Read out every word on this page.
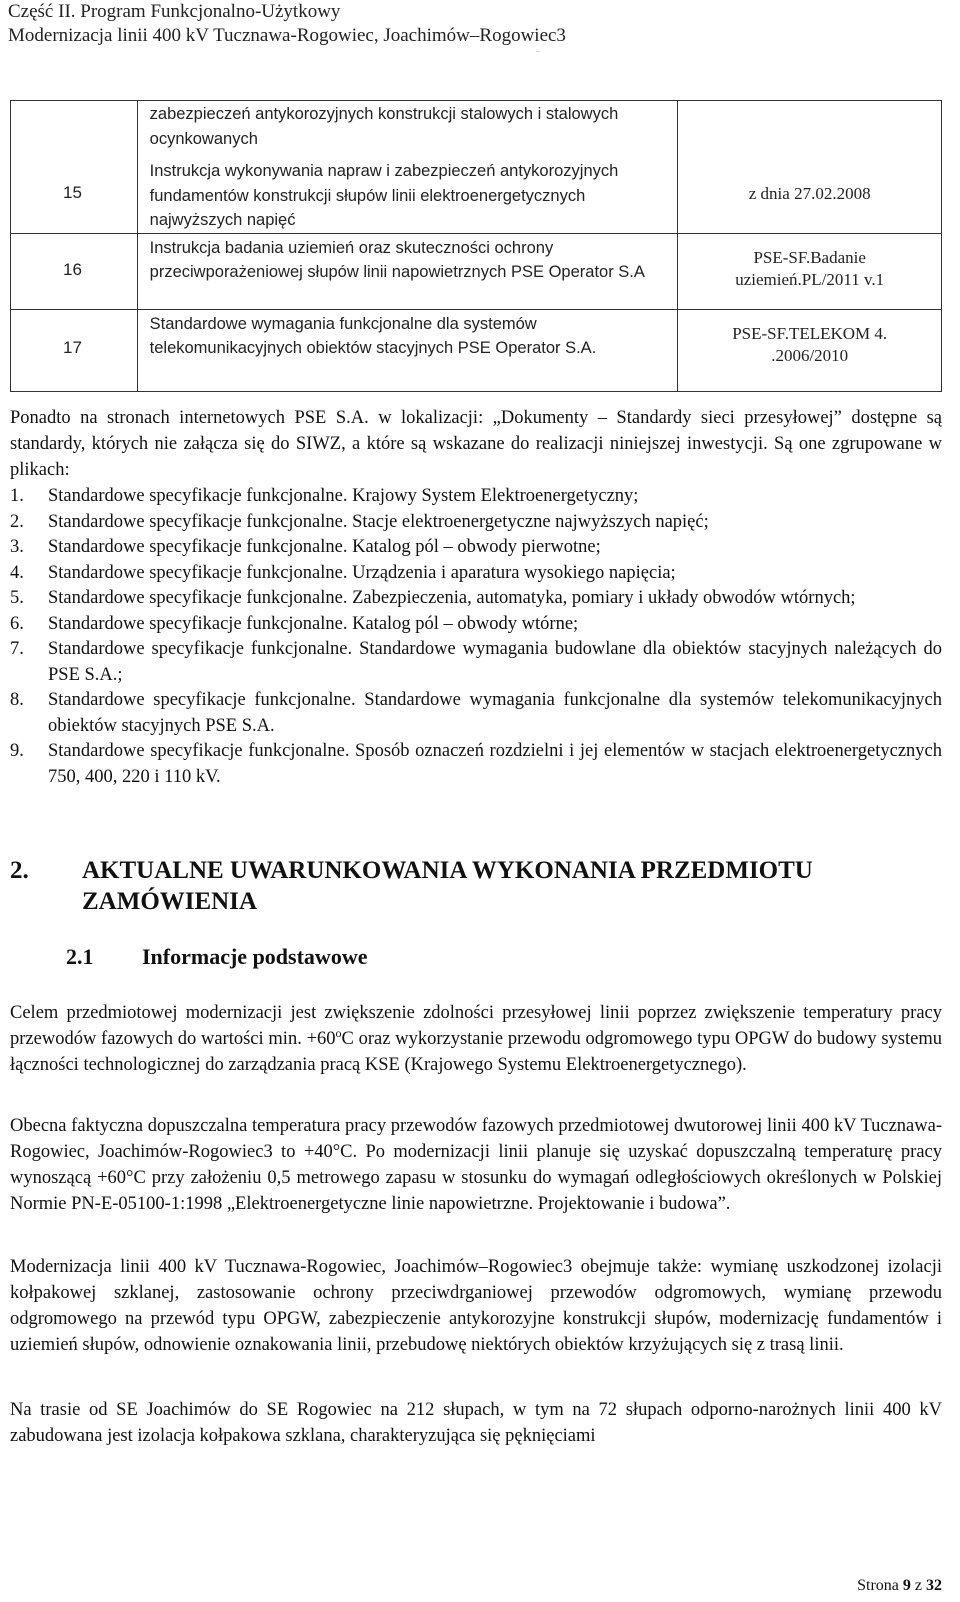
Część II. Program Funkcjonalno-Użytkowy
Modernizacja linii 400 kV Tucznawa-Rogowiec, Joachimów–Rogowiec3
_
15	zabezpieczeń antykorozyjnych konstrukcji stalowych i stalowych ocynkowanych
Instrukcja wykonywania napraw i zabezpieczeń antykorozyjnych fundamentów konstrukcji słupów linii elektroenergetycznych najwyższych napięć	z dnia 27.02.2008

16	Instrukcja badania uziemień oraz skuteczności ochrony przeciwporażeniowej słupów linii napowietrznych PSE Operator S.A	PSE-SF.Badanie
uziemień.PL/2011 v.1

17	Standardowe wymagania funkcjonalne dla systemów telekomunikacyjnych obiektów stacyjnych PSE Operator S.A.	PSE-SF.TELEKOM 4.
.2006/2010
Ponadto na stronach internetowych PSE S.A. w lokalizacji: „Dokumenty – Standardy sieci przesyłowej” dostępne są standardy, których nie załącza się do SIWZ, a które są wskazane do realizacji niniejszej inwestycji. Są one zgrupowane w plikach:
1. Standardowe specyfikacje funkcjonalne. Krajowy System Elektroenergetyczny;
2. Standardowe specyfikacje funkcjonalne. Stacje elektroenergetyczne najwyższych napięć;
3. Standardowe specyfikacje funkcjonalne. Katalog pól – obwody pierwotne;
4. Standardowe specyfikacje funkcjonalne. Urządzenia i aparatura wysokiego napięcia;
5. Standardowe specyfikacje funkcjonalne. Zabezpieczenia, automatyka, pomiary i układy obwodów wtórnych;
6. Standardowe specyfikacje funkcjonalne. Katalog pól – obwody wtórne;
7. Standardowe specyfikacje funkcjonalne. Standardowe wymagania budowlane dla obiektów stacyjnych należących do PSE S.A.;
8. Standardowe specyfikacje funkcjonalne. Standardowe wymagania funkcjonalne dla systemów telekomunikacyjnych obiektów stacyjnych PSE S.A.
9. Standardowe specyfikacje funkcjonalne. Sposób oznaczeń rozdzielni i jej elementów w stacjach elektroenergetycznych 750, 400, 220 i 110 kV.
2. AKTUALNE UWARUNKOWANIA WYKONANIA PRZEDMIOTU ZAMÓWIENIA
2.1 Informacje podstawowe
Celem przedmiotowej modernizacji jest zwiększenie zdolności przesyłowej linii poprzez zwiększenie temperatury pracy przewodów fazowych do wartości min. $+60^oC$ oraz wykorzystanie przewodu odgromowego typu OPGW do budowy systemu łączności technologicznej do zarządzania pracą KSE (Krajowego Systemu Elektroenergetycznego).
Obecna faktyczna dopuszczalna temperatura pracy przewodów fazowych przedmiotowej dwutorowej linii 400 kV Tucznawa-Rogowiec, Joachimów-Rogowiec3 to +40°C. Po modernizacji linii planuje się uzyskać dopuszczalną temperaturę pracy wynoszącą +60°C przy założeniu 0,5 metrowego zapasu w stosunku do wymagań odległościowych określonych w Polskiej Normie PN-E-05100-1:1998 „Elektroenergetyczne linie napowietrzne. Projektowanie i budowa”.
Modernizacja linii 400 kV Tucznawa-Rogowiec, Joachimów–Rogowiec3 obejmuje także: wymianę uszkodzonej izolacji kołpakowej szklanej, zastosowanie ochrony przeciwdrganiowej przewodów odgromowych, wymianę przewodu odgromowego na przewód typu OPGW, zabezpieczenie antykorozyjne konstrukcji słupów, modernizację fundamentów i uziemień słupów, odnowienie oznakowania linii, przebudowę niektórych obiektów krzyżujących się z trasą linii.
Na trasie od SE Joachimów do SE Rogowiec na 212 słupach, w tym na 72 słupach odporno-narożnych linii 400 kV zabudowana jest izolacja kołpakowa szklana, charakteryzująca się pęknięciami
Strona 9 z 32
